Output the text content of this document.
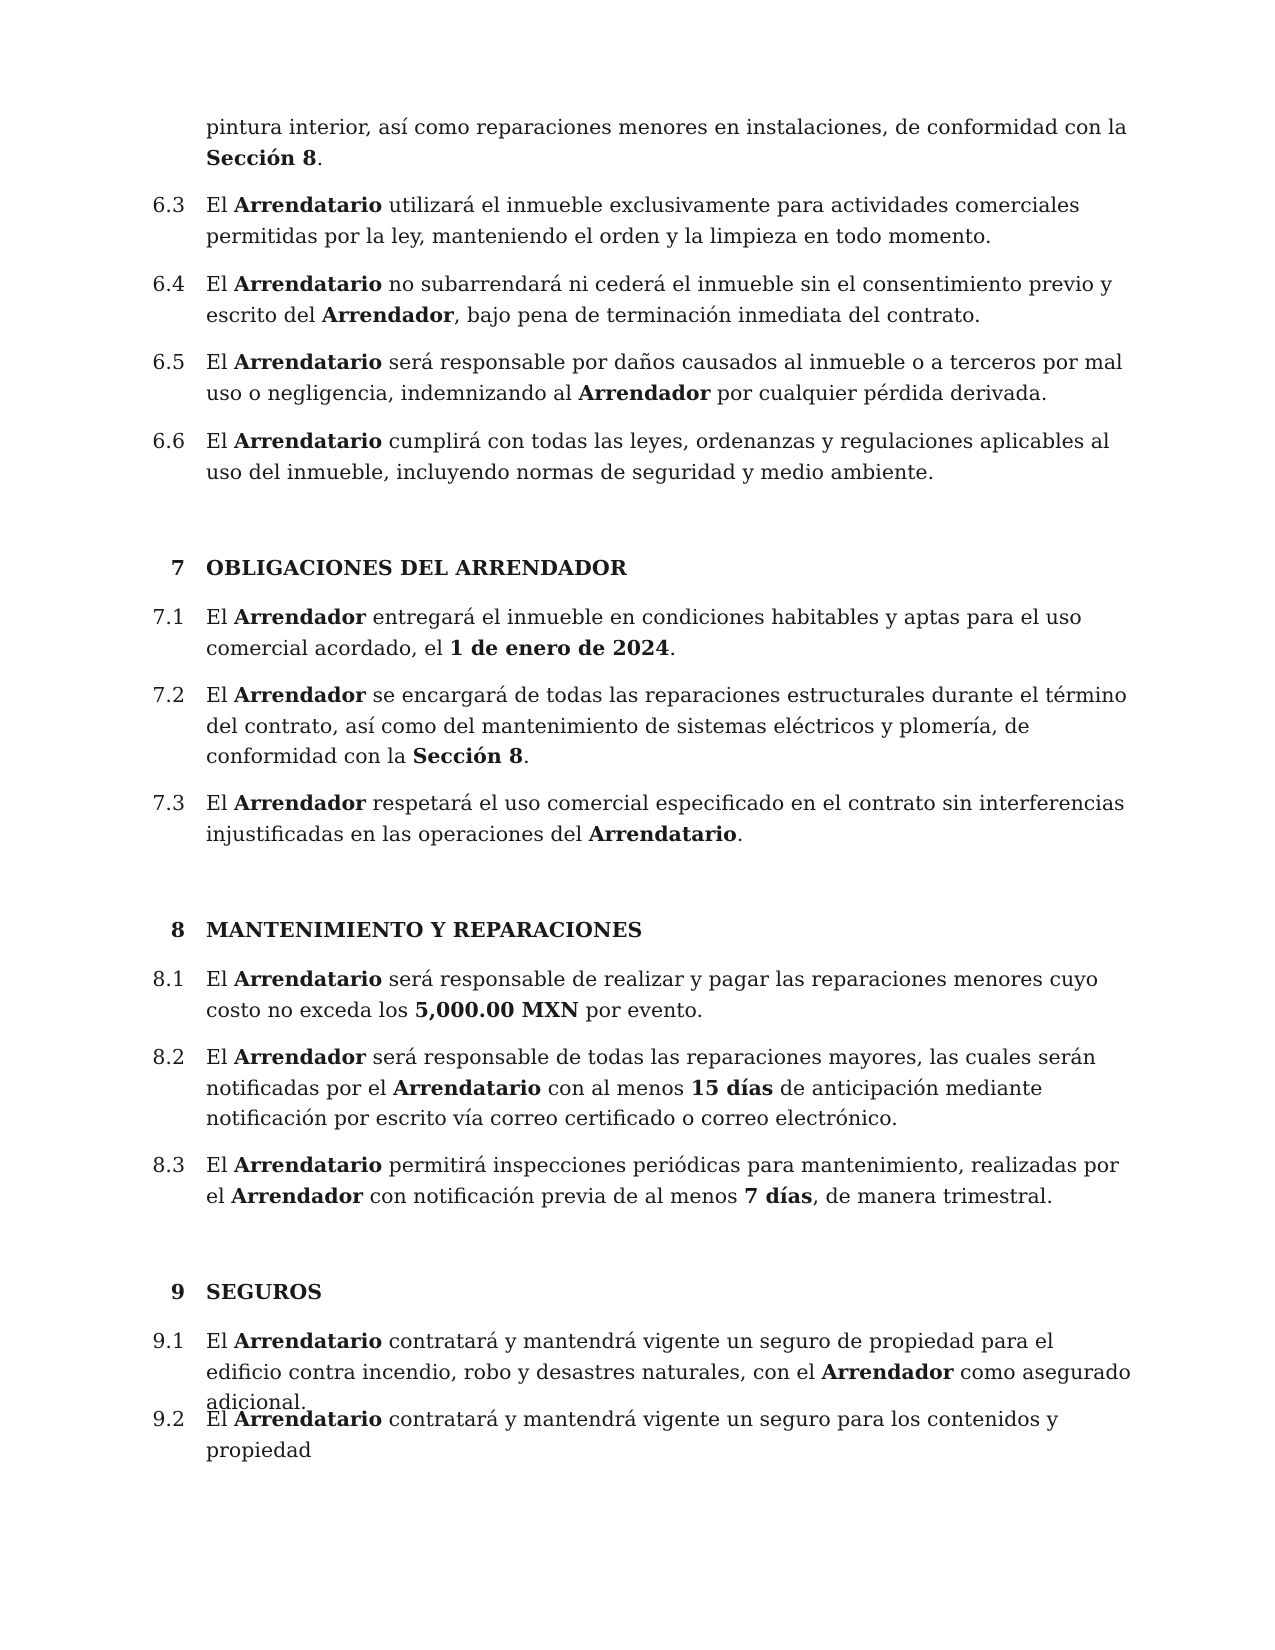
pintura interior, así como reparaciones menores en instalaciones, de conformidad con la Sección 8.
6.3 El Arrendatario utilizará el inmueble exclusivamente para actividades comerciales permitidas por la ley, manteniendo el orden y la limpieza en todo momento.
6.4 El Arrendatario no subarrendará ni cederá el inmueble sin el consentimiento previo y escrito del Arrendador, bajo pena de terminación inmediata del contrato.
6.5 El Arrendatario será responsable por daños causados al inmueble o a terceros por mal uso o negligencia, indemnizando al Arrendador por cualquier pérdida derivada.
6.6 El Arrendatario cumplirá con todas las leyes, ordenanzas y regulaciones aplicables al uso del inmueble, incluyendo normas de seguridad y medio ambiente.
7 OBLIGACIONES DEL ARRENDADOR
7.1 El Arrendador entregará el inmueble en condiciones habitables y aptas para el uso comercial acordado, el 1 de enero de 2024.
7.2 El Arrendador se encargará de todas las reparaciones estructurales durante el término del contrato, así como del mantenimiento de sistemas eléctricos y plomería, de conformidad con la Sección 8.
7.3 El Arrendador respetará el uso comercial especificado en el contrato sin interferencias injustificadas en las operaciones del Arrendatario.
8 MANTENIMIENTO Y REPARACIONES
8.1 El Arrendatario será responsable de realizar y pagar las reparaciones menores cuyo costo no exceda los 5,000.00 MXN por evento.
8.2 El Arrendador será responsable de todas las reparaciones mayores, las cuales serán notificadas por el Arrendatario con al menos 15 días de anticipación mediante notificación por escrito vía correo certificado o correo electrónico.
8.3 El Arrendatario permitirá inspecciones periódicas para mantenimiento, realizadas por el Arrendador con notificación previa de al menos 7 días, de manera trimestral.
9 SEGUROS
9.1 El Arrendatario contratará y mantendrá vigente un seguro de propiedad para el edificio contra incendio, robo y desastres naturales, con el Arrendador como asegurado adicional.
9.2 El Arrendatario contratará y mantendrá vigente un seguro para los contenidos y propiedad
